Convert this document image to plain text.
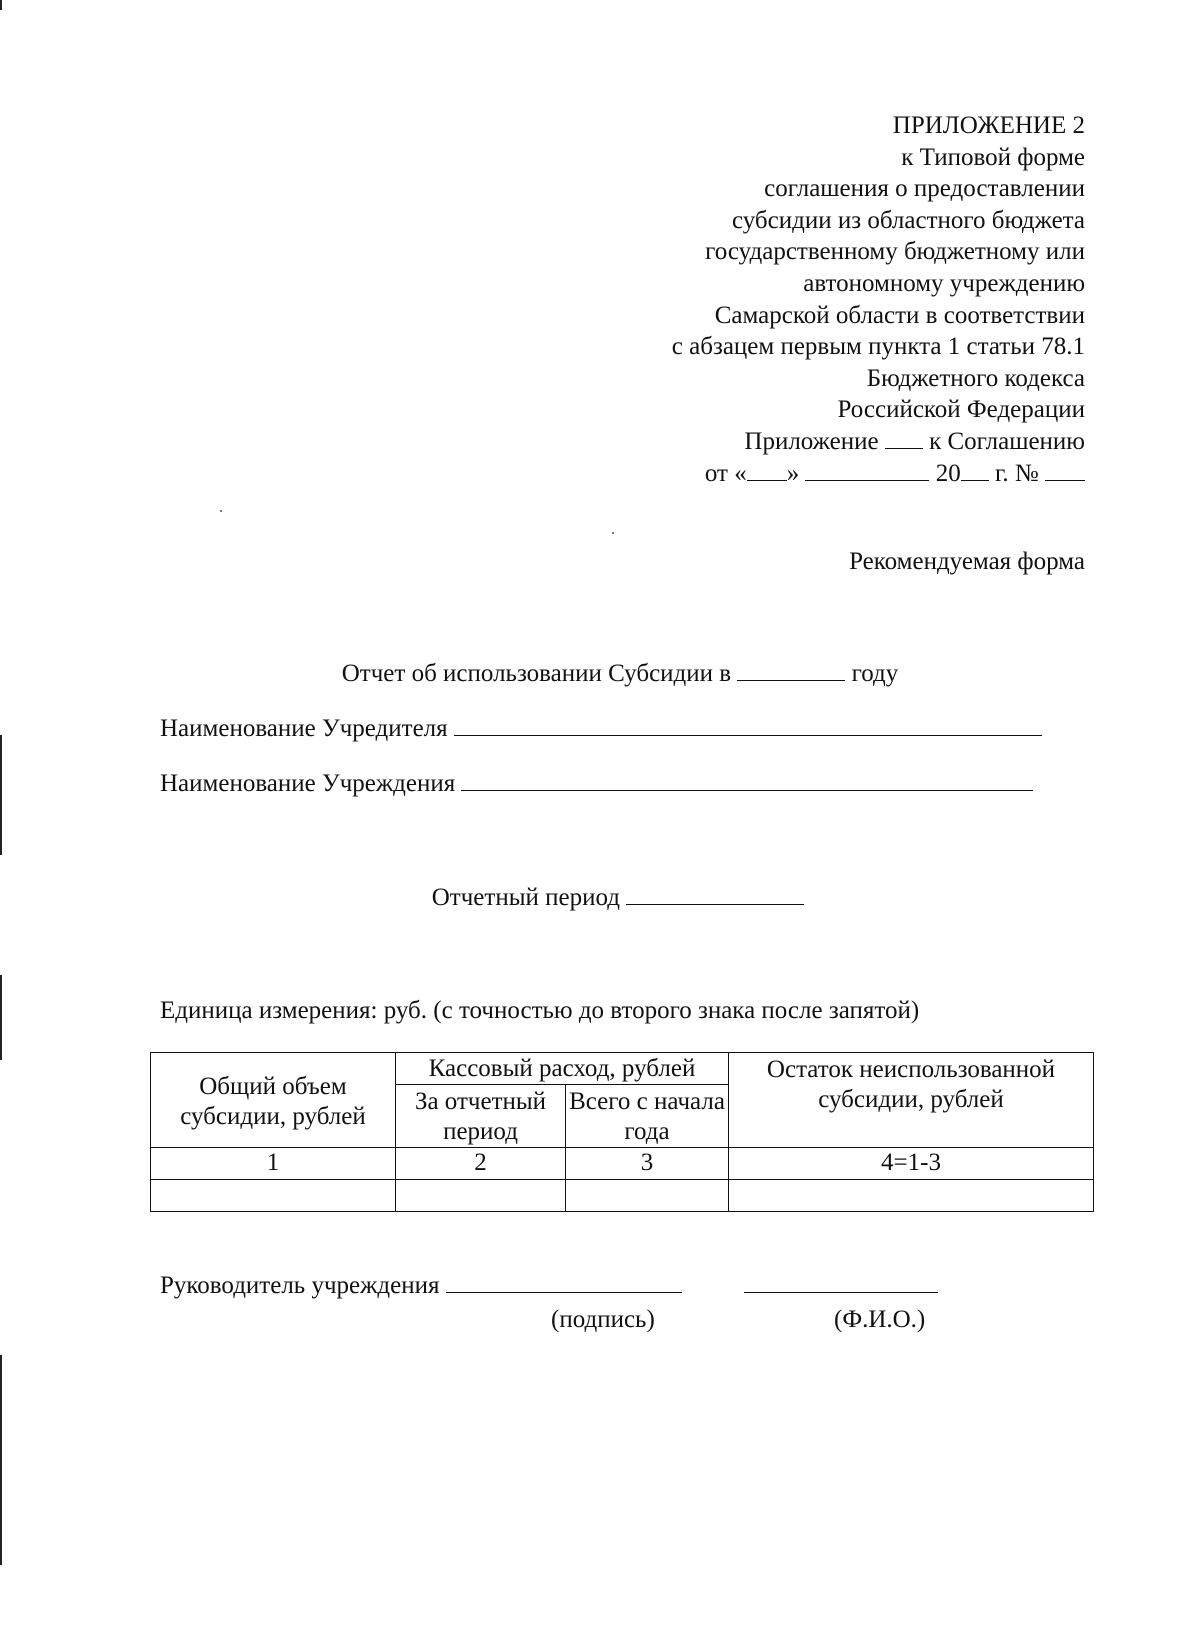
ПРИЛОЖЕНИЕ 2
к Типовой форме
соглашения о предоставлении
субсидии из областного бюджета
государственному бюджетному или
автономному учреждению
Самарской области в соответствии
с абзацем первым пункта 1 статьи 78.1
Бюджетного кодекса
Российской Федерации
Приложение к Соглашению
от « »	20 г. №
Рекомендуемая форма
Отчет об использовании Субсидии в	году
Наименование Учредителя
Наименование Учреждения
Отчетный период
Единица измерения: руб. (с точностью до второго знака после запятой)
Общий объем субсидии, рублей	Кассовый расход, рублей		Остаток неиспользованной субсидии, рублей
	За отчетный период	Всего с начала года	
1	2	3	4=1-3

Руководитель учреждения
(подпись)	(Ф.И.О.)
